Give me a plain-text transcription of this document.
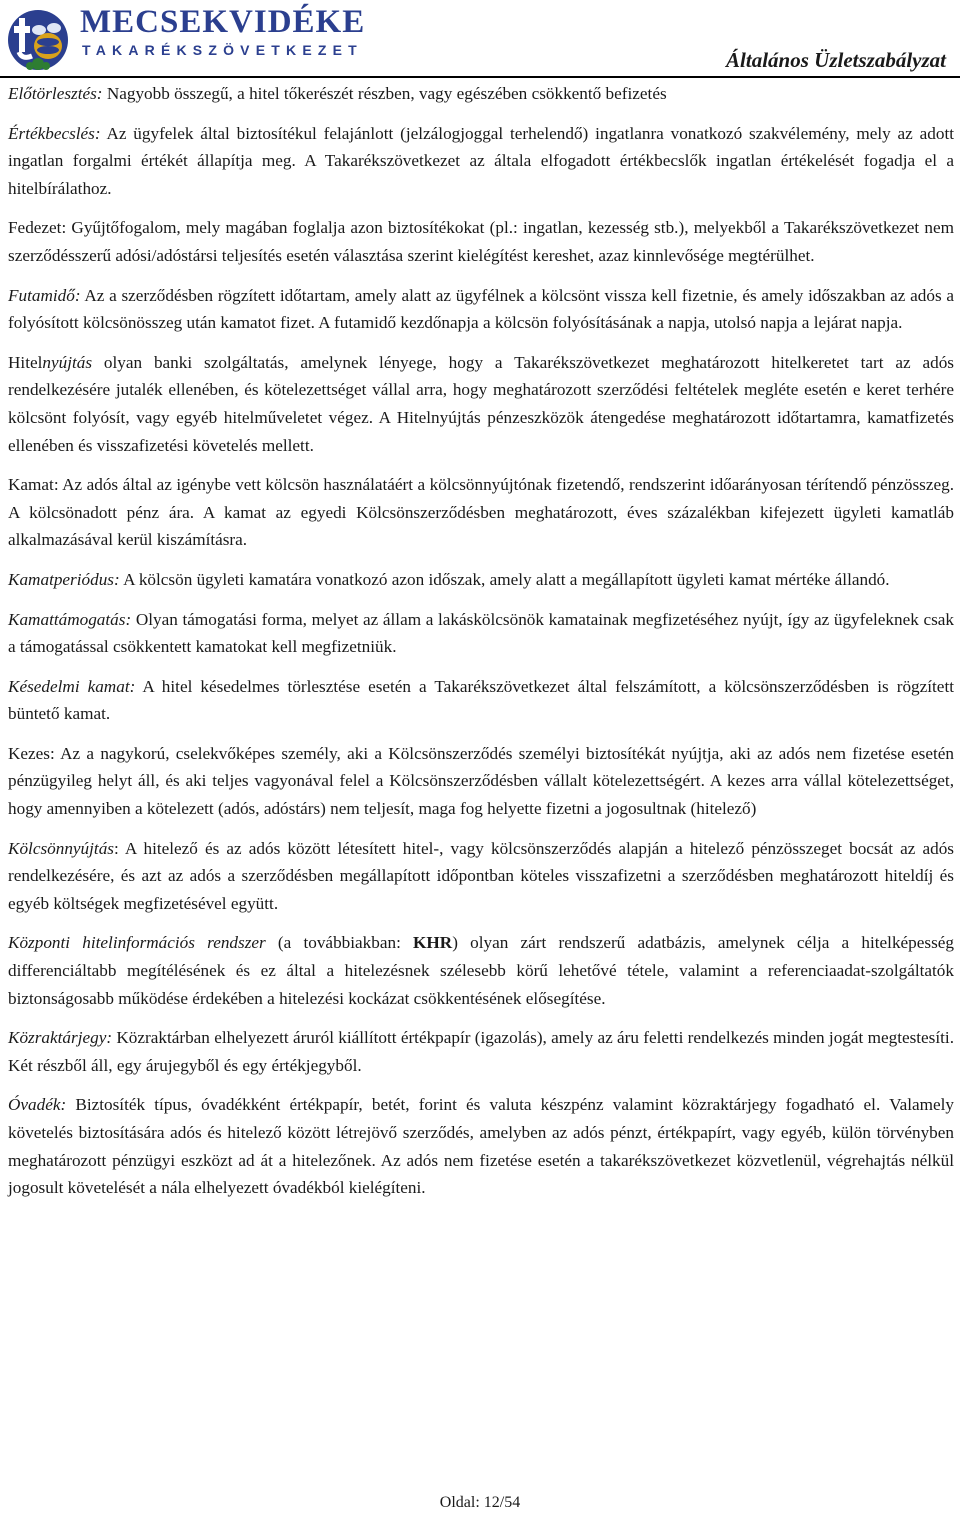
MECSEKVIDÉKE
TAKARÉKSZÖVETKEZET	Általános Üzletszabályzat

Előtörlesztés: Nagyobb összegű, a hitel tőkerészét részben, vagy egészében csökkentő befizetés

Értékbecslés: Az ügyfelek által biztosítékul felajánlott (jelzálogjoggal terhelendő) ingatlanra vonatkozó szakvélemény, mely az adott ingatlan forgalmi értékét állapítja meg. A Takarékszövetkezet az általa elfogadott értékbecslők ingatlan értékelését fogadja el a hitelbírálathoz.

Fedezet: Gyűjtőfogalom, mely magában foglalja azon biztosítékokat (pl.: ingatlan, kezesség stb.), melyekből a Takarékszövetkezet nem szerződésszerű adósi/adóstársi teljesítés esetén választása szerint kielégítést kereshet, azaz kinnlevősége megtérülhet.

Futamidő: Az a szerződésben rögzített időtartam, amely alatt az ügyfélnek a kölcsönt vissza kell fizetnie, és amely időszakban az adós a folyósított kölcsönösszeg után kamatot fizet. A futamidő kezdőnapja a kölcsön folyósításának a napja, utolsó napja a lejárat napja.

Hitelnyújtás olyan banki szolgáltatás, amelynek lényege, hogy a Takarékszövetkezet meghatározott hitelkeretet tart az adós rendelkezésére jutalék ellenében, és kötelezettséget vállal arra, hogy meghatározott szerződési feltételek megléte esetén e keret terhére kölcsönt folyósít, vagy egyéb hitelműveletet végez. A Hitelnyújtás pénzeszközök átengedése meghatározott időtartamra, kamatfizetés ellenében és visszafizetési követelés mellett.

Kamat: Az adós által az igénybe vett kölcsön használatáért a kölcsönnyújtónak fizetendő, rendszerint időarányosan térítendő pénzösszeg. A kölcsönadott pénz ára. A kamat az egyedi Kölcsönszerződésben meghatározott, éves százalékban kifejezett ügyleti kamatláb alkalmazásával kerül kiszámításra.

Kamatperiódus: A kölcsön ügyleti kamatára vonatkozó azon időszak, amely alatt a megállapított ügyleti kamat mértéke állandó.

Kamattámogatás: Olyan támogatási forma, melyet az állam a lakáskölcsönök kamatainak megfizetéséhez nyújt, így az ügyfeleknek csak a támogatással csökkentett kamatokat kell megfizetniük.

Késedelmi kamat: A hitel késedelmes törlesztése esetén a Takarékszövetkezet által felszámított, a kölcsönszerződésben is rögzített büntető kamat.

Kezes: Az a nagykorú, cselekvőképes személy, aki a Kölcsönszerződés személyi biztosítékát nyújtja, aki az adós nem fizetése esetén pénzügyileg helyt áll, és aki teljes vagyonával felel a Kölcsönszerződésben vállalt kötelezettségért. A kezes arra vállal kötelezettséget, hogy amennyiben a kötelezett (adós, adóstárs) nem teljesít, maga fog helyette fizetni a jogosultnak (hitelező)

Kölcsönnyújtás: A hitelező és az adós között létesített hitel-, vagy kölcsönszerződés alapján a hitelező pénzösszeget bocsát az adós rendelkezésére, és azt az adós a szerződésben megállapított időpontban köteles visszafizetni a szerződésben meghatározott hiteldíj és egyéb költségek megfizetésével együtt.

Központi hitelinformációs rendszer (a továbbiakban: KHR) olyan zárt rendszerű adatbázis, amelynek célja a hitelképesség differenciáltabb megítélésének és ez által a hitelezésnek szélesebb körű lehetővé tétele, valamint a referenciaadat-szolgáltatók biztonságosabb működése érdekében a hitelezési kockázat csökkentésének elősegítése.

Közraktárjegy: Közraktárban elhelyezett áruról kiállított értékpapír (igazolás), amely az áru feletti rendelkezés minden jogát megtestesíti. Két részből áll, egy árujegyből és egy értékjegyből.

Óvadék: Biztosíték típus, óvadékként értékpapír, betét, forint és valuta készpénz valamint közraktárjegy fogadható el. Valamely követelés biztosítására adós és hitelező között létrejövő szerződés, amelyben az adós pénzt, értékpapírt, vagy egyéb, külön törvényben meghatározott pénzügyi eszközt ad át a hitelezőnek. Az adós nem fizetése esetén a takarékszövetkezet közvetlenül, végrehajtás nélkül jogosult követelését a nála elhelyezett óvadékból kielégíteni.

Oldal: 12/54
